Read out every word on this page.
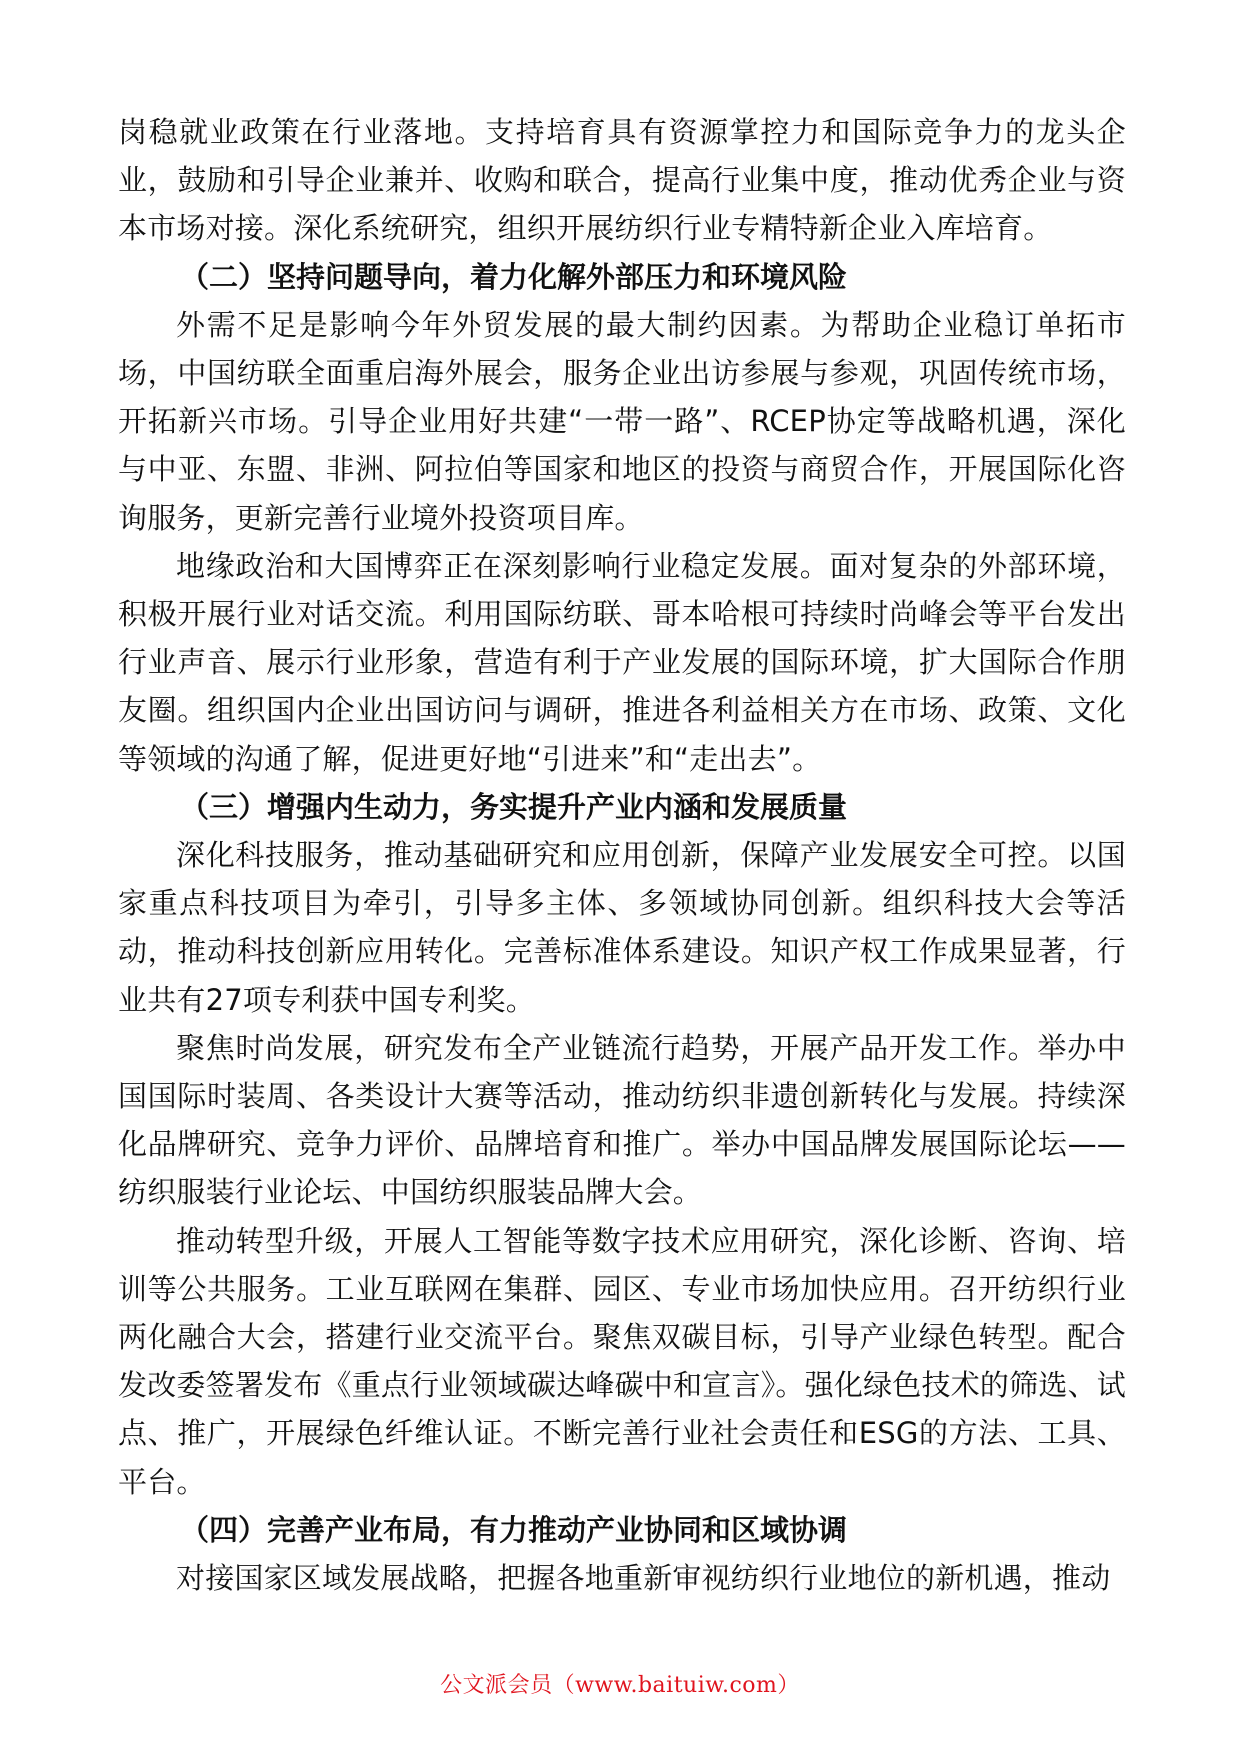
岗稳就业政策在行业落地。支持培育具有资源掌控力和国际竞争力的龙头企业，鼓励和引导企业兼并、收购和联合，提高行业集中度，推动优秀企业与资本市场对接。深化系统研究，组织开展纺织行业专精特新企业入库培育。

（二）坚持问题导向，着力化解外部压力和环境风险

外需不足是影响今年外贸发展的最大制约因素。为帮助企业稳订单拓市场，中国纺联全面重启海外展会，服务企业出访参展与参观，巩固传统市场，开拓新兴市场。引导企业用好共建“一带一路”、RCEP协定等战略机遇，深化与中亚、东盟、非洲、阿拉伯等国家和地区的投资与商贸合作，开展国际化咨询服务，更新完善行业境外投资项目库。

地缘政治和大国博弈正在深刻影响行业稳定发展。面对复杂的外部环境，积极开展行业对话交流。利用国际纺联、哥本哈根可持续时尚峰会等平台发出行业声音、展示行业形象，营造有利于产业发展的国际环境，扩大国际合作朋友圈。组织国内企业出国访问与调研，推进各利益相关方在市场、政策、文化等领域的沟通了解，促进更好地“引进来”和“走出去”。

（三）增强内生动力，务实提升产业内涵和发展质量

深化科技服务，推动基础研究和应用创新，保障产业发展安全可控。以国家重点科技项目为牵引，引导多主体、多领域协同创新。组织科技大会等活动，推动科技创新应用转化。完善标准体系建设。知识产权工作成果显著，行业共有27项专利获中国专利奖。

聚焦时尚发展，研究发布全产业链流行趋势，开展产品开发工作。举办中国国际时装周、各类设计大赛等活动，推动纺织非遗创新转化与发展。持续深化品牌研究、竞争力评价、品牌培育和推广。举办中国品牌发展国际论坛——纺织服装行业论坛、中国纺织服装品牌大会。

推动转型升级，开展人工智能等数字技术应用研究，深化诊断、咨询、培训等公共服务。工业互联网在集群、园区、专业市场加快应用。召开纺织行业两化融合大会，搭建行业交流平台。聚焦双碳目标，引导产业绿色转型。配合发改委签署发布《重点行业领域碳达峰碳中和宣言》。强化绿色技术的筛选、试点、推广，开展绿色纤维认证。不断完善行业社会责任和ESG的方法、工具、平台。

（四）完善产业布局，有力推动产业协同和区域协调

对接国家区域发展战略，把握各地重新审视纺织行业地位的新机遇，推动

公文派会员（www.baituiw.com）
